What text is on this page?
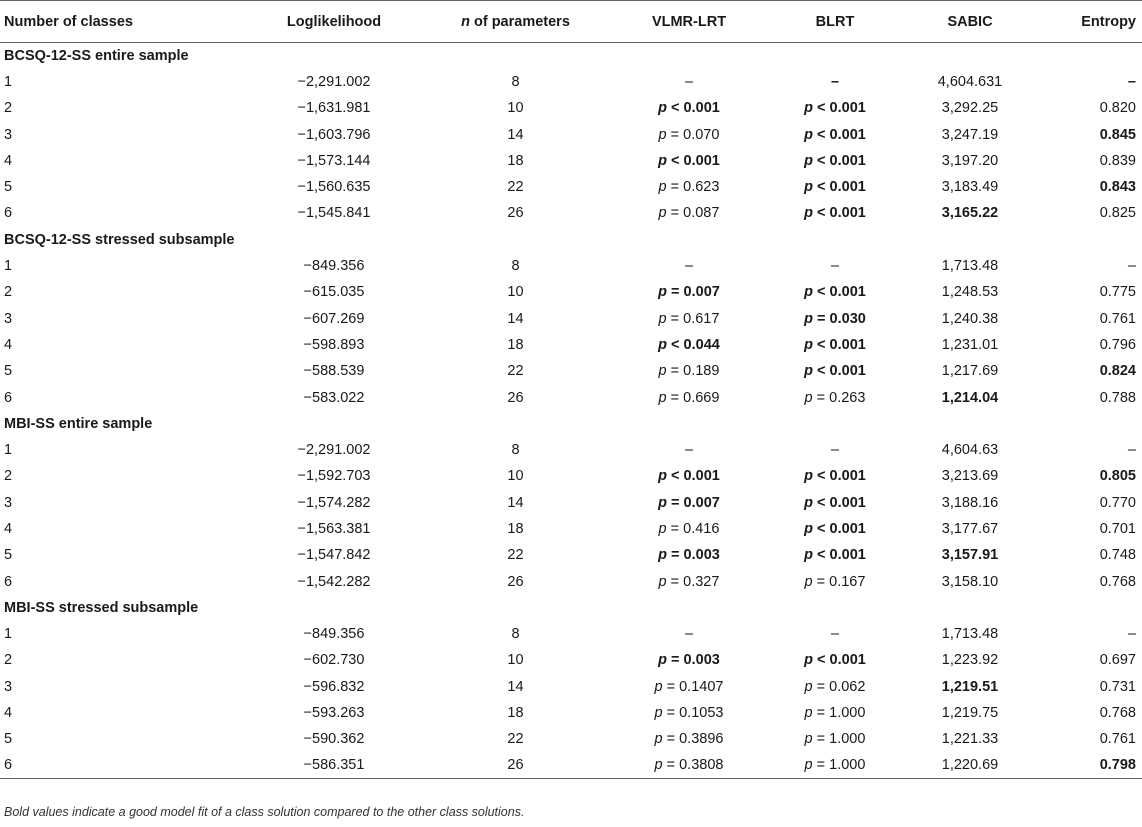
Number of classes	Loglikelihood	n of parameters	VLMR-LRT	BLRT	SABIC	Entropy
BCSQ-12-SS entire sample						
1	−2,291.002	8	–	–	4,604.631	–
2	−1,631.981	10	p < 0.001	p < 0.001	3,292.25	0.820
3	−1,603.796	14	p = 0.070	p < 0.001	3,247.19	0.845
4	−1,573.144	18	p < 0.001	p < 0.001	3,197.20	0.839
5	−1,560.635	22	p = 0.623	p < 0.001	3,183.49	0.843
6	−1,545.841	26	p = 0.087	p < 0.001	3,165.22	0.825
BCSQ-12-SS stressed subsample						
1	−849.356	8	–	–	1,713.48	–
2	−615.035	10	p = 0.007	p < 0.001	1,248.53	0.775
3	−607.269	14	p = 0.617	p = 0.030	1,240.38	0.761
4	−598.893	18	p < 0.044	p < 0.001	1,231.01	0.796
5	−588.539	22	p = 0.189	p < 0.001	1,217.69	0.824
6	−583.022	26	p = 0.669	p = 0.263	1,214.04	0.788
MBI-SS entire sample						
1	−2,291.002	8	–	–	4,604.63	–
2	−1,592.703	10	p < 0.001	p < 0.001	3,213.69	0.805
3	−1,574.282	14	p = 0.007	p < 0.001	3,188.16	0.770
4	−1,563.381	18	p = 0.416	p < 0.001	3,177.67	0.701
5	−1,547.842	22	p = 0.003	p < 0.001	3,157.91	0.748
6	−1,542.282	26	p = 0.327	p = 0.167	3,158.10	0.768
MBI-SS stressed subsample						
1	−849.356	8	–	–	1,713.48	–
2	−602.730	10	p = 0.003	p < 0.001	1,223.92	0.697
3	−596.832	14	p = 0.1407	p = 0.062	1,219.51	0.731
4	−593.263	18	p = 0.1053	p = 1.000	1,219.75	0.768
5	−590.362	22	p = 0.3896	p = 1.000	1,221.33	0.761
6	−586.351	26	p = 0.3808	p = 1.000	1,220.69	0.798
Bold values indicate a good model fit of a class solution compared to the other class solutions.
